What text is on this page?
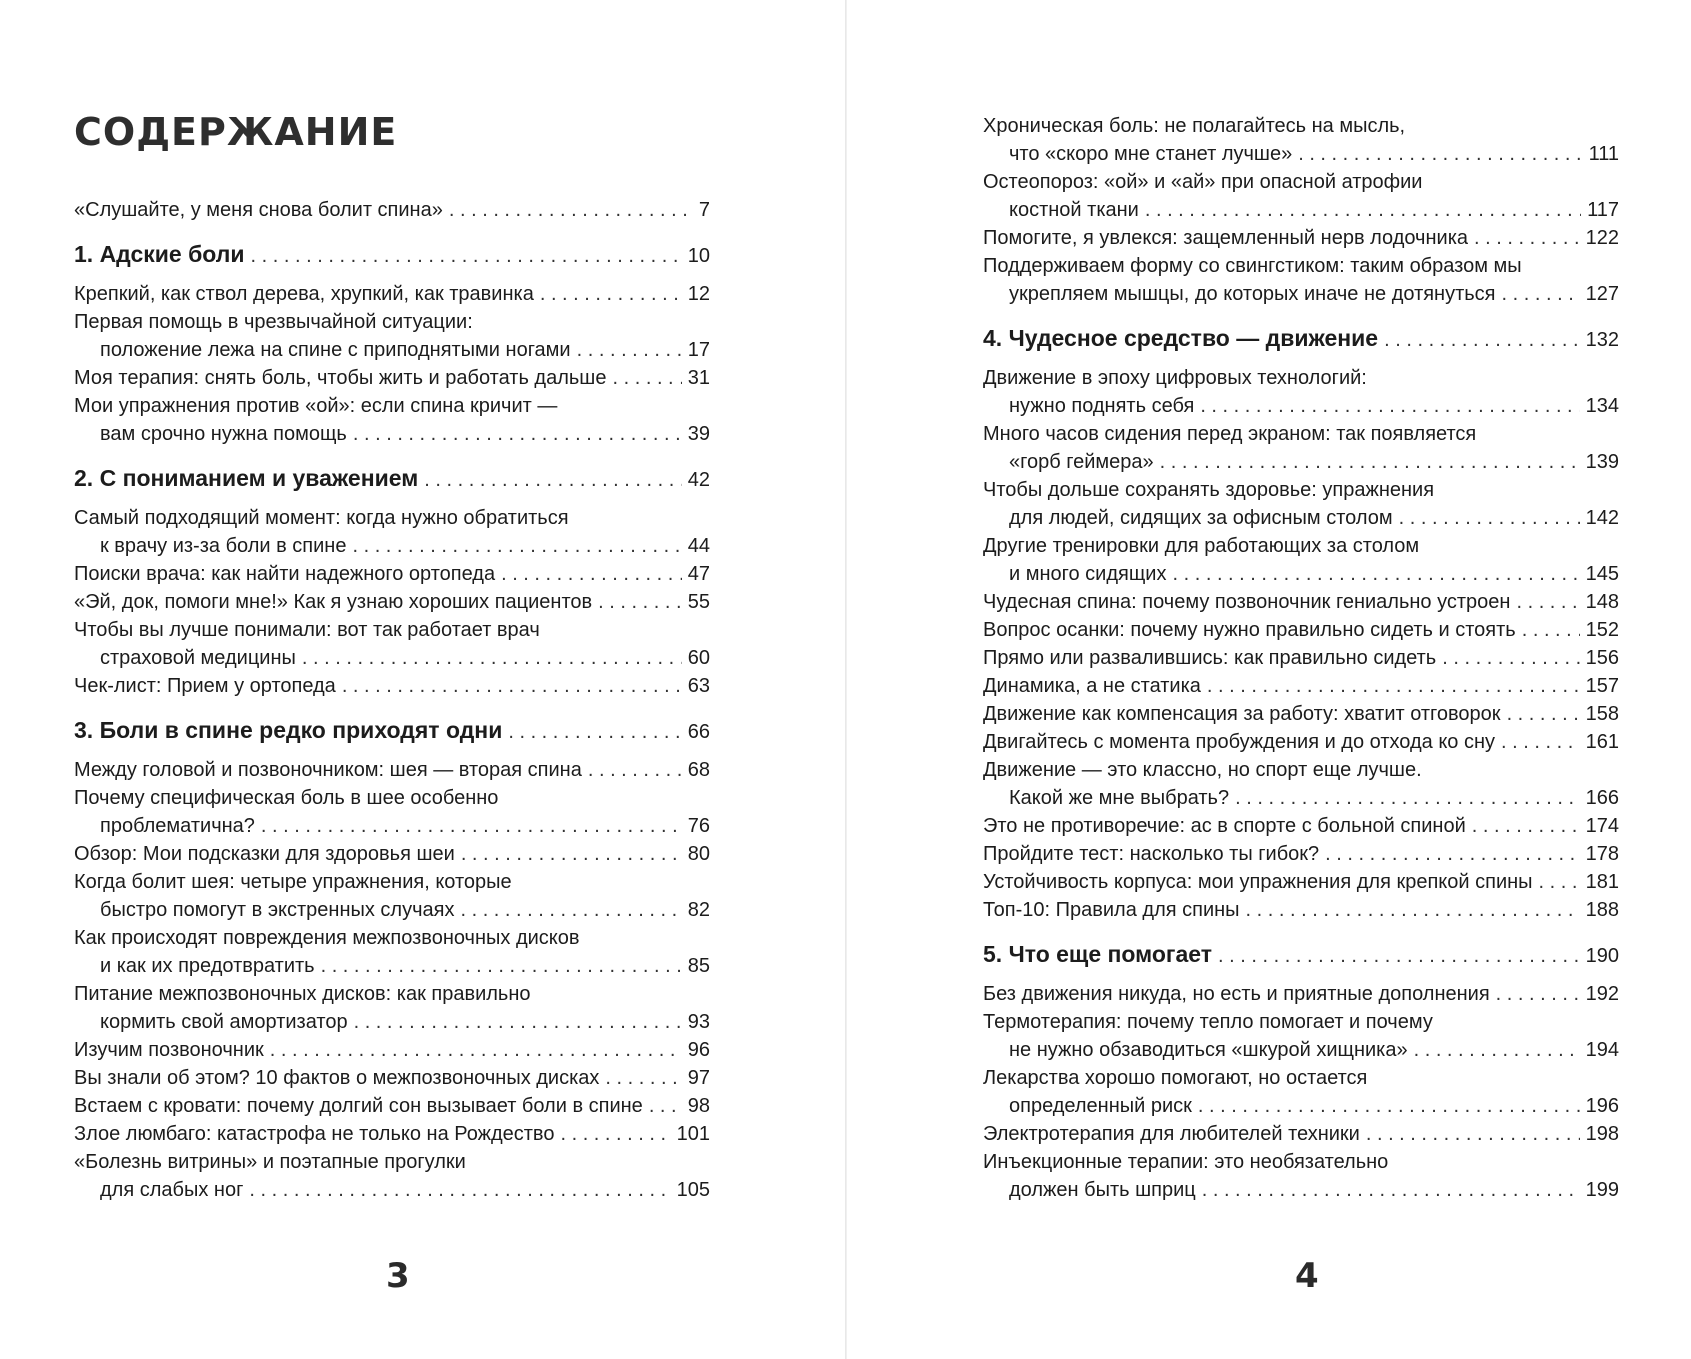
СОДЕРЖАНИЕ
«Слушайте, у меня снова болит спина» . . .	7
1. Адские боли . . .	10
Крепкий, как ствол дерева, хрупкий, как травинка . . .	12
Первая помощь в чрезвычайной ситуации:
положение лежа на спине с приподнятыми ногами . . .	17
Моя терапия: снять боль, чтобы жить и работать дальше . . .	31
Мои упражнения против «ой»: если спина кричит —
вам срочно нужна помощь . . .	39
2. С пониманием и уважением . . .	42
Самый подходящий момент: когда нужно обратиться
к врачу из-за боли в спине . . .	44
Поиски врача: как найти надежного ортопеда . . .	47
«Эй, док, помоги мне!» Как я узнаю хороших пациентов . . .	55
Чтобы вы лучше понимали: вот так работает врач
страховой медицины . . .	60
Чек-лист: Прием у ортопеда . . .	63
3. Боли в спине редко приходят одни . . .	66
Между головой и позвоночником: шея — вторая спина . . .	68
Почему специфическая боль в шее особенно
проблематична? . . .	76
Обзор: Мои подсказки для здоровья шеи . . .	80
Когда болит шея: четыре упражнения, которые
быстро помогут в экстренных случаях . . .	82
Как происходят повреждения межпозвоночных дисков
и как их предотвратить . . .	85
Питание межпозвоночных дисков: как правильно
кормить свой амортизатор . . .	93
Изучим позвоночник . . .	96
Вы знали об этом? 10 фактов о межпозвоночных дисках . . .	97
Встаем с кровати: почему долгий сон вызывает боли в спине . . . 98
Злое люмбаго: катастрофа не только на Рождество . . .	101
«Болезнь витрины» и поэтапные прогулки
для слабых ног . . .	105
3
Хроническая боль: не полагайтесь на мысль,
что «скоро мне станет лучше» . . .	111
Остеопороз: «ой» и «ай» при опасной атрофии
костной ткани . . .	117
Помогите, я увлекся: защемленный нерв лодочника . . .	122
Поддерживаем форму со свингстиком: таким образом мы
укрепляем мышцы, до которых иначе не дотянуться . . .	127
4. Чудесное средство — движение . . .	132
Движение в эпоху цифровых технологий:
нужно поднять себя . . .	134
Много часов сидения перед экраном: так появляется
«горб геймера» . . .	139
Чтобы дольше сохранять здоровье: упражнения
для людей, сидящих за офисным столом . . .	142
Другие тренировки для работающих за столом
и много сидящих . . .	145
Чудесная спина: почему позвоночник гениально устроен . . .	148
Вопрос осанки: почему нужно правильно сидеть и стоять . . .	152
Прямо или развалившись: как правильно сидеть . . .	156
Динамика, а не статика . . .	157
Движение как компенсация за работу: хватит отговорок . . .	158
Двигайтесь с момента пробуждения и до отхода ко сну . . .	161
Движение — это классно, но спорт еще лучше.
Какой же мне выбрать? . . .	166
Это не противоречие: ас в спорте с больной спиной . . .	174
Пройдите тест: насколько ты гибок? . . .	178
Устойчивость корпуса: мои упражнения для крепкой спины . . .	181
Топ-10: Правила для спины . . .	188
5. Что еще помогает . . .	190
Без движения никуда, но есть и приятные дополнения . . .	192
Термотерапия: почему тепло помогает и почему
не нужно обзаводиться «шкурой хищника» . . .	194
Лекарства хорошо помогают, но остается
определенный риск . . .	196
Электротерапия для любителей техники . . .	198
Инъекционные терапии: это необязательно
должен быть шприц . . .	199
4
